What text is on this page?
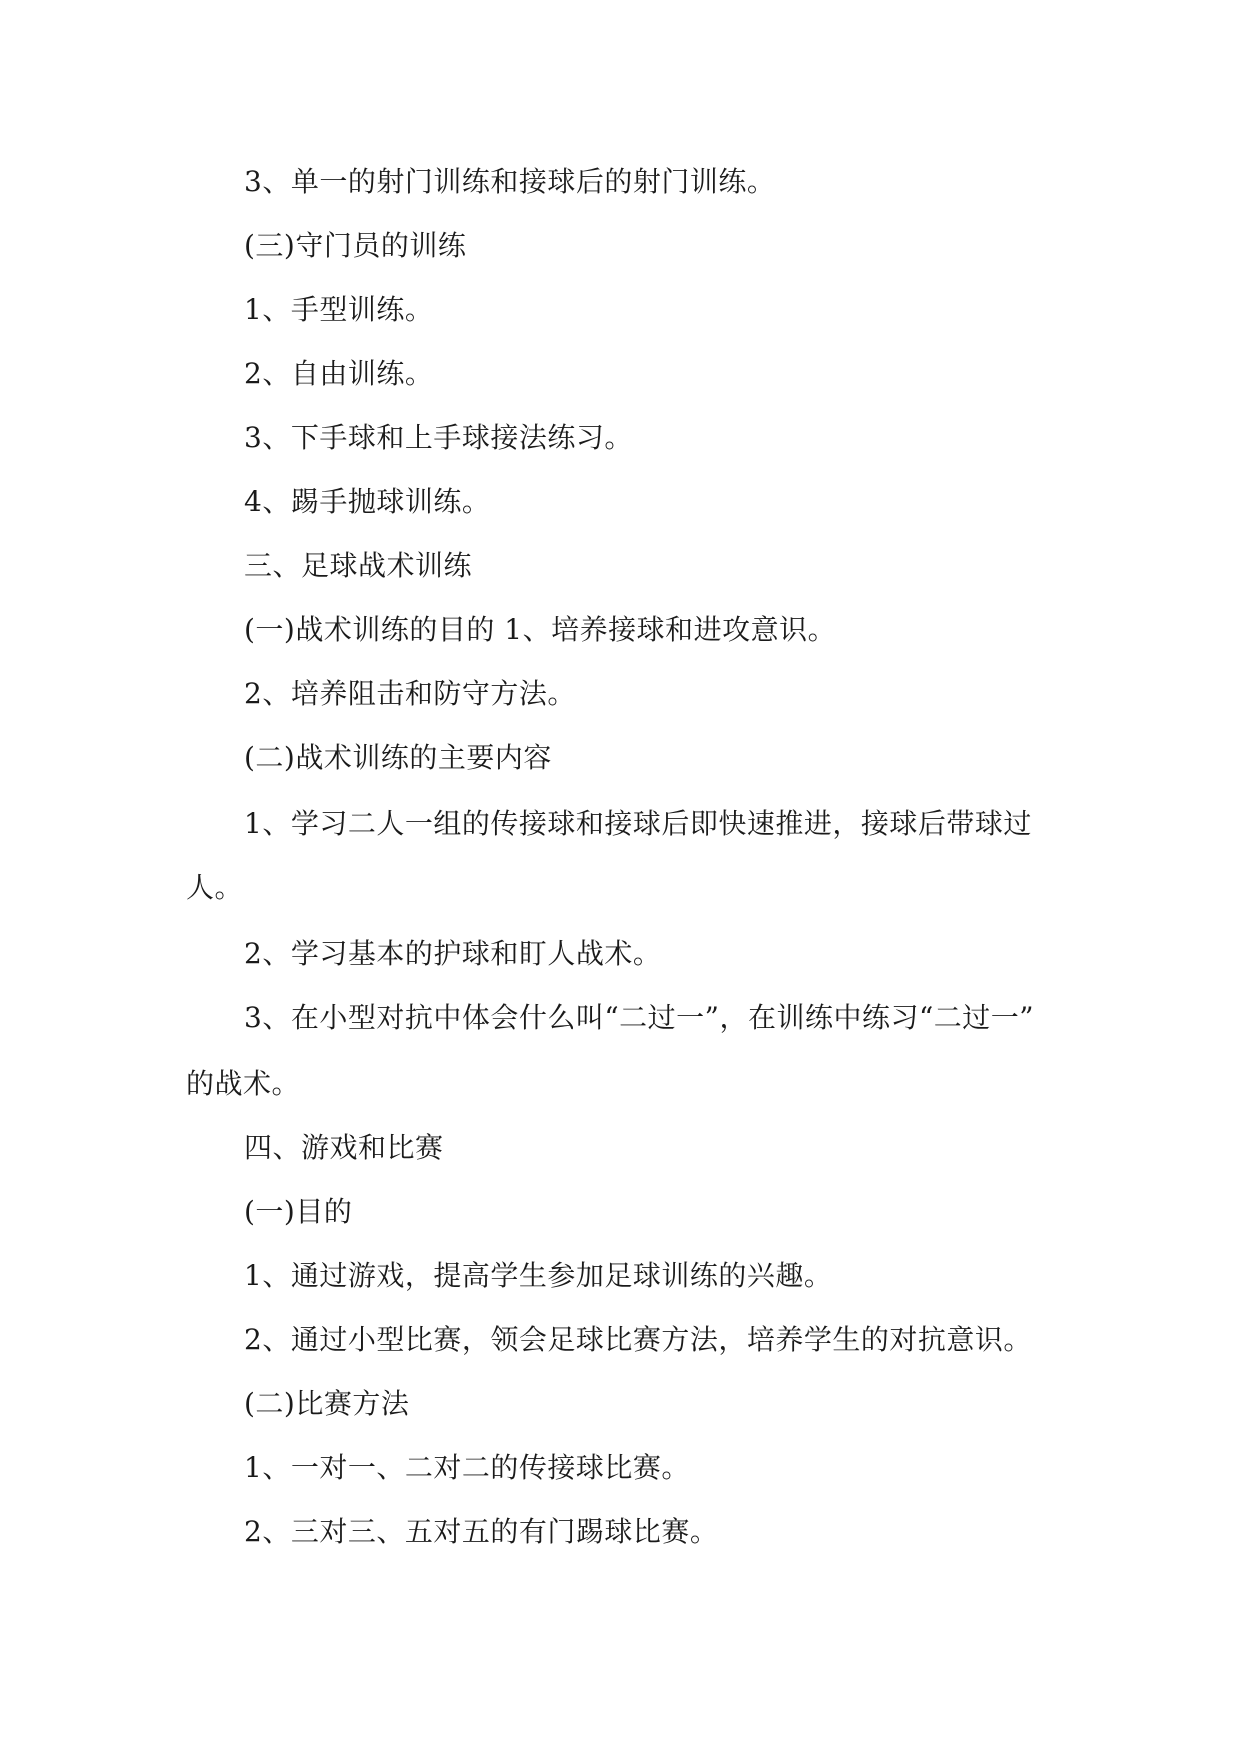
3、单一的射门训练和接球后的射门训练。

(三)守门员的训练

1、手型训练。

2、自由训练。

3、下手球和上手球接法练习。

4、踢手抛球训练。

三、足球战术训练

(一)战术训练的目的 1、培养接球和进攻意识。

2、培养阻击和防守方法。

(二)战术训练的主要内容

1、学习二人一组的传接球和接球后即快速推进，接球后带球过

人。

2、学习基本的护球和盯人战术。

3、在小型对抗中体会什么叫“二过一”，在训练中练习“二过一”

的战术。

四、游戏和比赛

(一)目的

1、通过游戏，提高学生参加足球训练的兴趣。

2、通过小型比赛，领会足球比赛方法，培养学生的对抗意识。

(二)比赛方法

1、一对一、二对二的传接球比赛。

2、三对三、五对五的有门踢球比赛。
